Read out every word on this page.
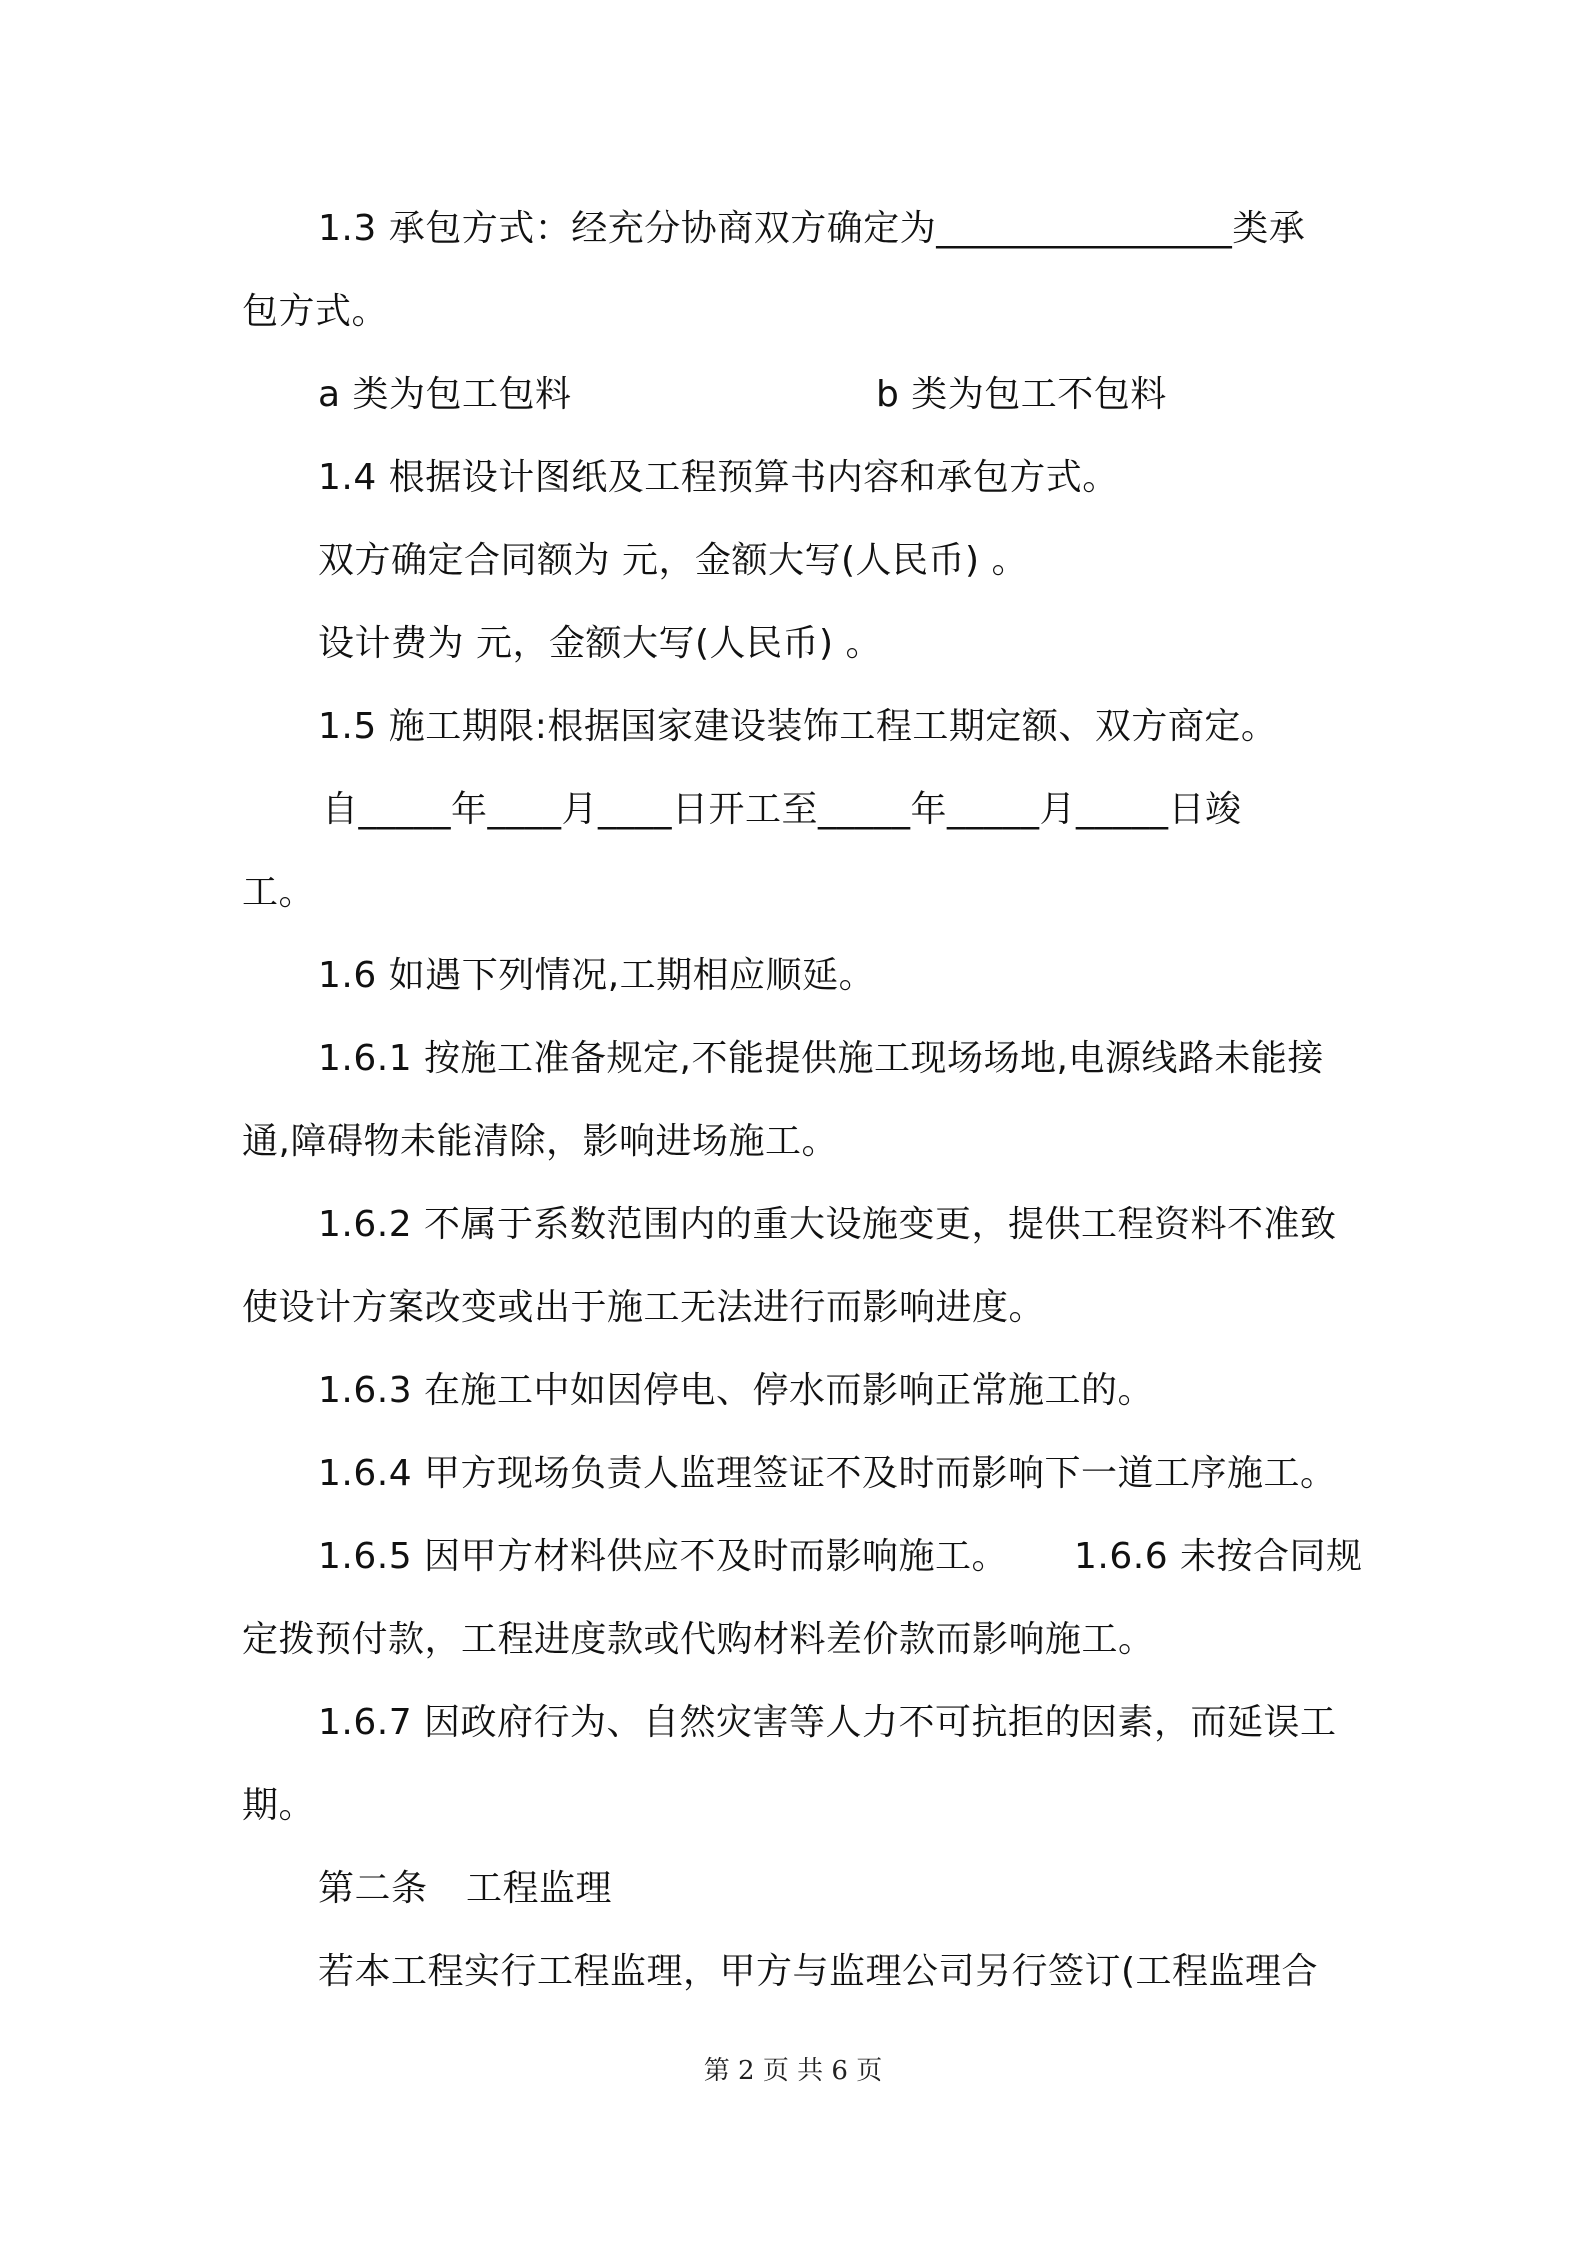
1.3 承包方式：经充分协商双方确定为________________类承
包方式。
a 类为包工包料	b 类为包工不包料
1.4 根据设计图纸及工程预算书内容和承包方式。
双方确定合同额为 元，金额大写(人民币) 。
设计费为 元，金额大写(人民币) 。
1.5 施工期限:根据国家建设装饰工程工期定额、双方商定。
自_____年____月____日开工至_____年_____月_____日竣
工。
1.6 如遇下列情况,工期相应顺延。
1.6.1 按施工准备规定,不能提供施工现场场地,电源线路未能接
通,障碍物未能清除，影响进场施工。
1.6.2 不属于系数范围内的重大设施变更，提供工程资料不准致
使设计方案改变或出于施工无法进行而影响进度。
1.6.3 在施工中如因停电、停水而影响正常施工的。
1.6.4 甲方现场负责人监理签证不及时而影响下一道工序施工。
1.6.5 因甲方材料供应不及时而影响施工。 1.6.6 未按合同规
定拨预付款，工程进度款或代购材料差价款而影响施工。
1.6.7 因政府行为、自然灾害等人力不可抗拒的因素，而延误工
期。
第二条 工程监理
若本工程实行工程监理，甲方与监理公司另行签订(工程监理合
第 2 页 共 6 页
